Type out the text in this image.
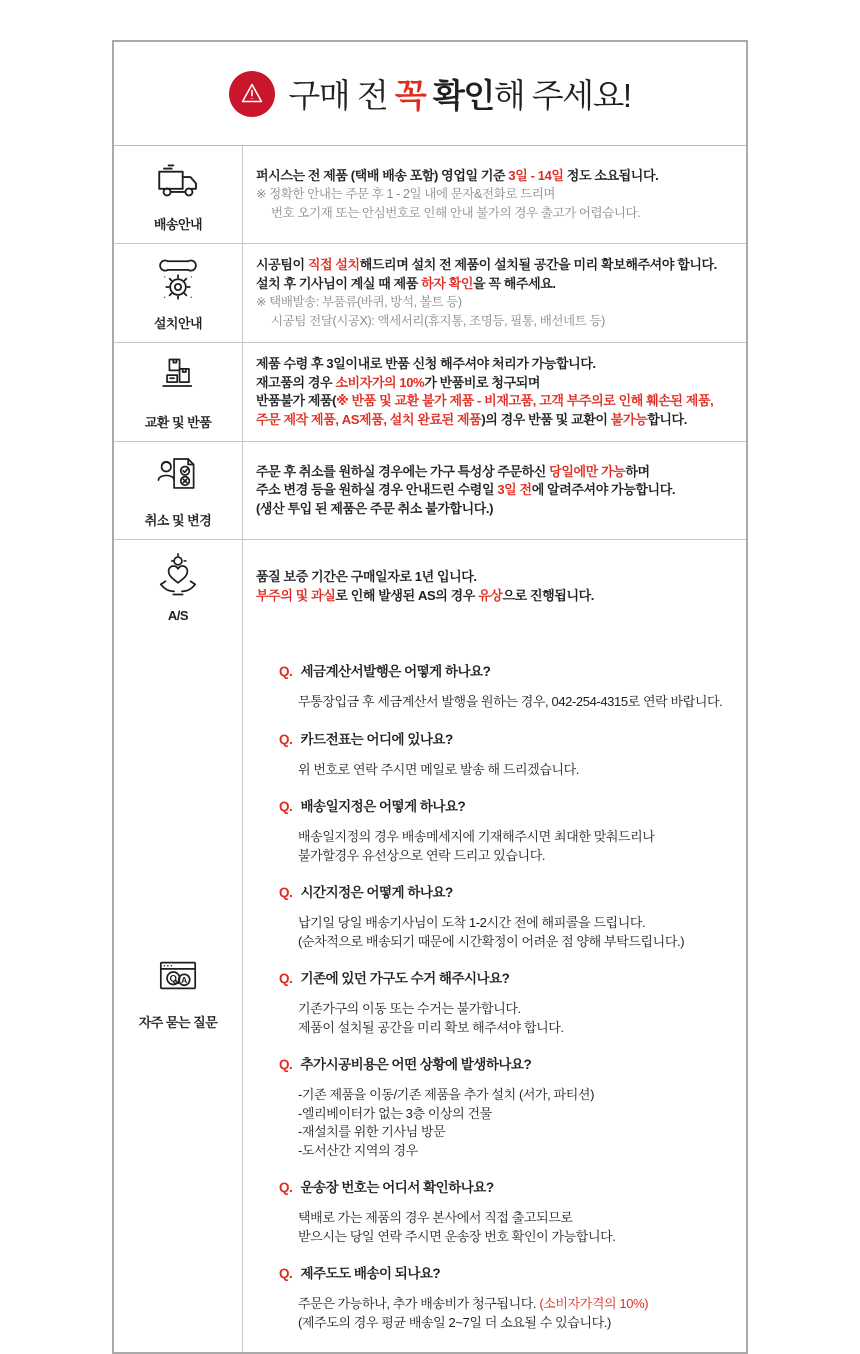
구매 전 꼭 확인해 주세요!
배송안내
퍼시스는 전 제품 (택배 배송 포함) 영업일 기준 3일 - 14일 정도 소요됩니다.
※ 정확한 안내는 주문 후 1 - 2일 내에 문자&전화로 드리며
번호 오기재 또는 안심번호로 인해 안내 불가의 경우 출고가 어렵습니다.
설치안내
시공팀이 직접 설치해드리며 설치 전 제품이 설치될 공간을 미리 확보해주셔야 합니다.
설치 후 기사님이 계실 때 제품 하자 확인을 꼭 해주세요.
※ 택배발송: 부품류(바퀴, 방석, 볼트 등)
시공팀 전달(시공X): 액세서리(휴지통, 조명등, 필통, 배선네트 등)
교환 및 반품
제품 수령 후 3일이내로 반품 신청 해주셔야 처리가 가능합니다.
재고품의 경우 소비자가의 10%가 반품비로 청구되며
반품불가 제품(※ 반품 및 교환 불가 제품 - 비재고품, 고객 부주의로 인해 훼손된 제품,
주문 제작 제품, AS제품, 설치 완료된 제품)의 경우 반품 및 교환이 불가능합니다.
취소 및 변경
주문 후 취소를 원하실 경우에는 가구 특성상 주문하신 당일에만 가능하며
주소 변경 등을 원하실 경우 안내드린 수령일 3일 전에 알려주셔야 가능합니다.
(생산 투입 된 제품은 주문 취소 불가합니다.)
A/S
품질 보증 기간은 구매일자로 1년 입니다.
부주의 및 과실로 인해 발생된 AS의 경우 유상으로 진행됩니다.
Q A
자주 묻는 질문
Q. 세금계산서발행은 어떻게 하나요?
무통장입금 후 세금계산서 발행을 원하는 경우, 042-254-4315로 연락 바랍니다.
Q. 카드전표는 어디에 있나요?
위 번호로 연락 주시면 메일로 발송 해 드리겠습니다.
Q. 배송일지정은 어떻게 하나요?
배송일지정의 경우 배송메세지에 기재해주시면 최대한 맞춰드리나
불가할경우 유선상으로 연락 드리고 있습니다.
Q. 시간지정은 어떻게 하나요?
납기일 당일 배송기사님이 도착 1-2시간 전에 해피콜을 드립니다.
(순차적으로 배송되기 때문에 시간확정이 어려운 점 양해 부탁드립니다.)
Q. 기존에 있던 가구도 수거 해주시나요?
기존가구의 이동 또는 수거는 불가합니다.
제품이 설치될 공간을 미리 확보 해주셔야 합니다.
Q. 추가시공비용은 어떤 상황에 발생하나요?
-기존 제품을 이동/기존 제품을 추가 설치 (서가, 파티션)
-엘리베이터가 없는 3층 이상의 건물
-재설치를 위한 기사님 방문
-도서산간 지역의 경우
Q. 운송장 번호는 어디서 확인하나요?
택배로 가는 제품의 경우 본사에서 직접 출고되므로
받으시는 당일 연락 주시면 운송장 번호 확인이 가능합니다.
Q. 제주도도 배송이 되나요?
주문은 가능하나, 추가 배송비가 청구됩니다. (소비자가격의 10%)
(제주도의 경우 평균 배송일 2~7일 더 소요될 수 있습니다.)
